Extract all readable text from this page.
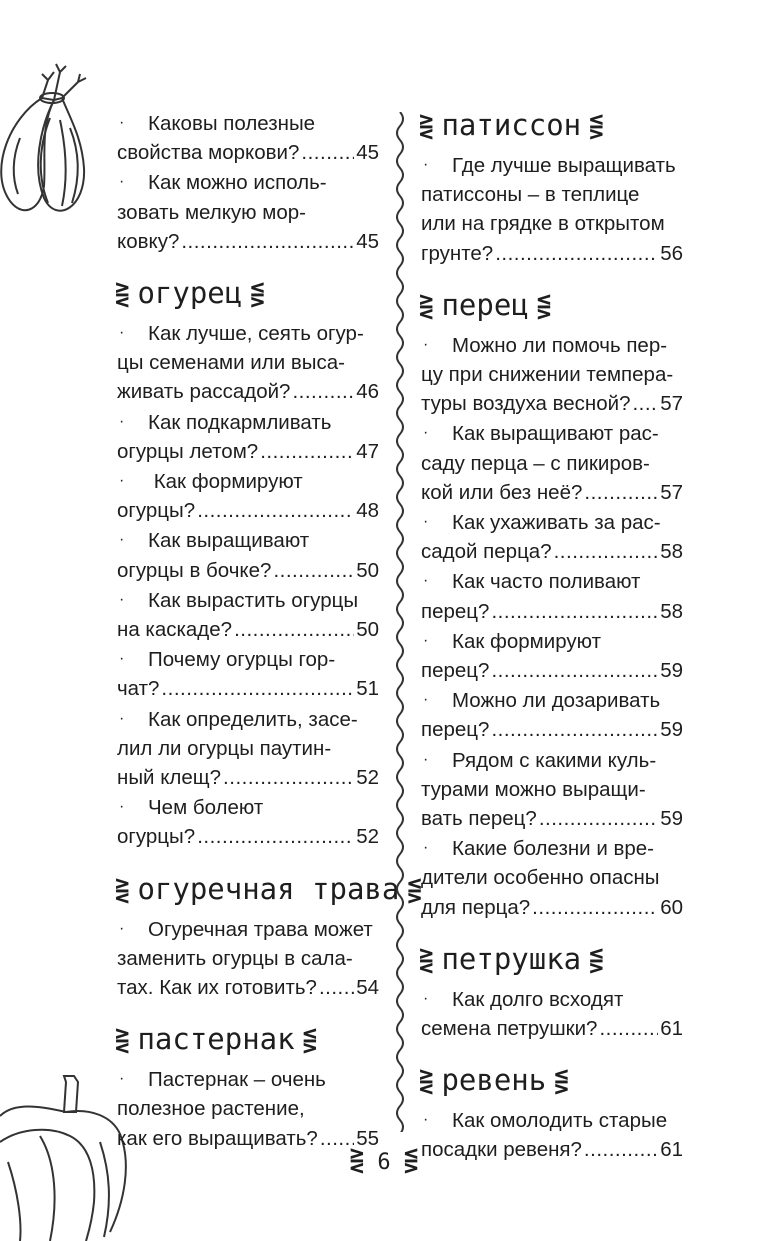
· Каковы полезные
свойства моркови? .....	45
· Как можно исполь-
зовать мелкую мор-
ковку? .....	45
⋛ огурец ⋚
· Как лучше, сеять огур-
цы семенами или выса-
живать рассадой? .....	46
· Как подкармливать
огурцы летом? .....	47
· Как формируют
огурцы? .....	48
· Как выращивают
огурцы в бочке? .....	50
· Как вырастить огурцы
на каскаде? .....	50
· Почему огурцы гор-
чат? .....	51
· Как определить, засе-
лил ли огурцы паутин-
ный клещ? .....	52
· Чем болеют
огурцы? .....	52
⋛ огуречная трава ⋚
· Огуречная трава может
заменить огурцы в сала-
тах. Как их готовить? ..... 54
⋛ пастернак ⋚
· Пастернак – очень
полезное растение,
как его выращивать? ..... 55
⋛ патиссон ⋚
· Где лучше выращивать
патиссоны – в теплице
или на грядке в открытом
грунте? .....	56
⋛ перец ⋚
· Можно ли помочь пер-
цу при снижении темпера-
туры воздуха весной? ..... 57
· Как выращивают рас-
саду перца – с пикиров-
кой или без неё? .....	57
· Как ухаживать за рас-
садой перца? .....	58
· Как часто поливают
перец? .....	58
· Как формируют
перец? .....	59
· Можно ли дозаривать
перец? .....	59
· Рядом с какими куль-
турами можно выращи-
вать перец? .....	59
· Какие болезни и вре-
дители особенно опасны
для перца? .....	60
⋛ петрушка ⋚
· Как долго всходят
семена петрушки? .....	61
⋛ ревень ⋚
· Как омолодить старые
посадки ревеня? .....	61
⋛ 6 ⋚
